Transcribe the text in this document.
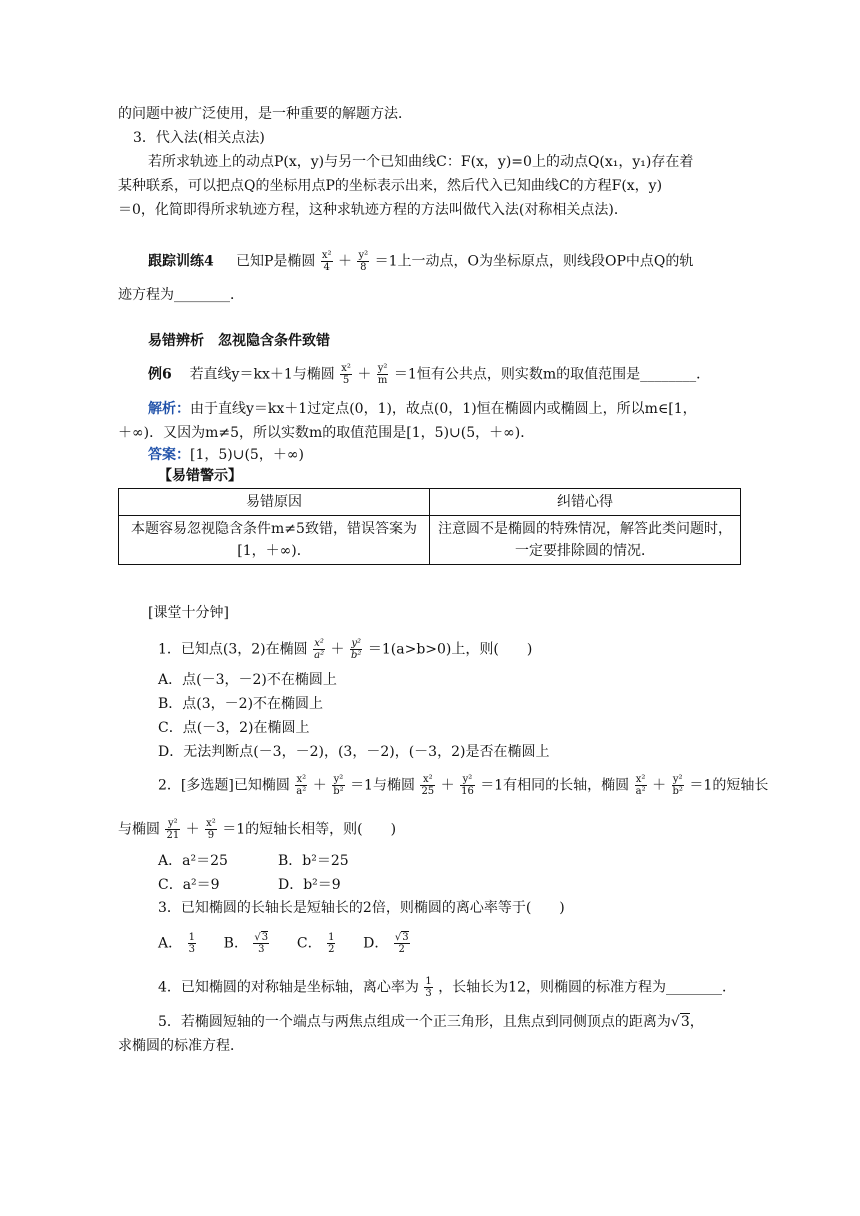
的问题中被广泛使用，是一种重要的解题方法．
3．代入法(相关点法)
若所求轨迹上的动点P(x，y)与另一个已知曲线C：F(x，y)=0上的动点Q(x₁，y₁)存在着
某种联系，可以把点Q的坐标用点P的坐标表示出来，然后代入已知曲线C的方程F(x，y)
＝0，化简即得所求轨迹方程，这种求轨迹方程的方法叫做代入法(对称相关点法)．
跟踪训练4 已知P是椭圆 $\frac{\text{x²}}{4} + \frac{\text{y²}}{8} =1$上一动点，O为坐标原点，则线段OP中点Q的轨
迹方程为________．
易错辨析　忽视隐含条件致错
例6 若直线y＝kx＋1与椭圆 $\frac{\text{x²}}{5} + \frac{\text{y²}}{m} =1$恒有公共点，则实数m的取值范围是________．
解析：由于直线y＝kx＋1过定点(0，1)，故点(0，1)恒在椭圆内或椭圆上，所以m∈[1，
＋∞)．又因为m≠5，所以实数m的取值范围是[1，5)∪(5，＋∞)．
答案：[1，5)∪(5，＋∞)
【易错警示】
易错原因	纠错心得
本题容易忽视隐含条件m≠5致错，错误答案为[1，＋∞)．	注意圆不是椭圆的特殊情况，解答此类问题时，一定要排除圆的情况．
[课堂十分钟]
1．已知点(3，2)在椭圆 $\frac{\text{x²}}{\text{a²}} + \frac{\text{y²}}{\text{b²}} =1(a>b>0)$上，则(　　)
A．点(－3，－2)不在椭圆上
B．点(3，－2)不在椭圆上
C．点(－3，2)在椭圆上
D．无法判断点(－3，－2)，(3，－2)，(－3，2)是否在椭圆上
2．[多选题]已知椭圆 $\frac{\text{x²}}{\text{a²}} + \frac{\text{y²}}{\text{b²}} =1$与椭圆 $\frac{\text{x²}}{25} + \frac{\text{y²}}{16} =1$有相同的长轴，椭圆 $\frac{\text{x²}}{\text{a²}} + \frac{\text{y²}}{\text{b²}} =1$的短轴长
与椭圆 $\frac{\text{y²}}{21} + \frac{\text{x²}}{9} =1$的短轴长相等，则(　　)
A．a²＝25	B．b²＝25
C．a²＝9	D．b²＝9
3．已知椭圆的长轴长是短轴长的2倍，则椭圆的离心率等于(　　)
A． $\frac{1}{3}$ B． $\frac{√3}{3}$ C． $\frac{1}{2}$ D． $\frac{√3}{2}$
4．已知椭圆的对称轴是坐标轴，离心率为 $\frac{1}{3}$ ，长轴长为12，则椭圆的标准方程为________．
5．若椭圆短轴的一个端点与两焦点组成一个正三角形，且焦点到同侧顶点的距离为√3，
求椭圆的标准方程．
